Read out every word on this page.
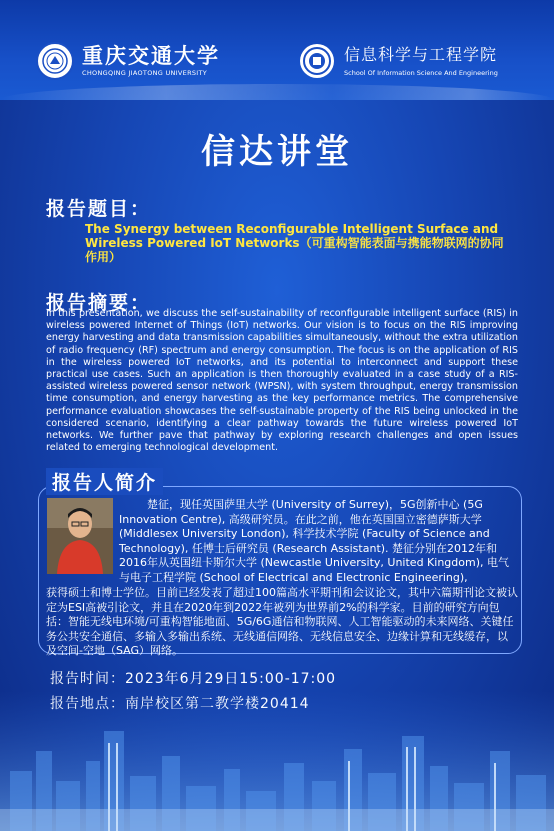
重庆交通大学
CHONGQING JIAOTONG UNIVERSITY
信息科学与工程学院
School Of Information Science And Engineering
信达讲堂
报告题目：
The Synergy between Reconfigurable Intelligent Surface and Wireless Powered IoT Networks（可重构智能表面与携能物联网的协同作用）
报告摘要：
In this presentation, we discuss the self-sustainability of reconfigurable intelligent surface (RIS) in wireless powered Internet of Things (IoT) networks. Our vision is to focus on the RIS improving energy harvesting and data transmission capabilities simultaneously, without the extra utilization of radio frequency (RF) spectrum and energy consumption. The focus is on the application of RIS in the wireless powered IoT networks, and its potential to interconnect and support these practical use cases. Such an application is then thoroughly evaluated in a case study of a RIS-assisted wireless powered sensor network (WPSN), with system throughput, energy transmission time consumption, and energy harvesting as the key performance metrics. The comprehensive performance evaluation showcases the self-sustainable property of the RIS being unlocked in the considered scenario, identifying a clear pathway towards the future wireless powered IoT networks. We further pave that pathway by exploring research challenges and open issues related to emerging technological development.
报告人简介
楚征，现任英国萨里大学 (University of Surrey)，5G创新中心 (5G Innovation Centre), 高级研究员。在此之前，他在英国国立密德萨斯大学 (Middlesex University London), 科学技术学院 (Faculty of Science and Technology), 任博士后研究员 (Research Assistant). 楚征分别在2012年和2016年从英国纽卡斯尔大学 (Newcastle University, United Kingdom), 电气与电子工程学院 (School of Electrical and Electronic Engineering),
获得硕士和博士学位。目前已经发表了超过100篇高水平期刊和会议论文，其中六篇期刊论文被认定为ESI高被引论文，并且在2020年到2022年被列为世界前2%的科学家。目前的研究方向包括：智能无线电环境/可重构智能地面、5G/6G通信和物联网、人工智能驱动的未来网络、关键任务公共安全通信、多输入多输出系统、无线通信网络、无线信息安全、边缘计算和无线缓存，以及空间-空地（SAG）网络。
报告时间：2023年6月29日15:00-17:00
